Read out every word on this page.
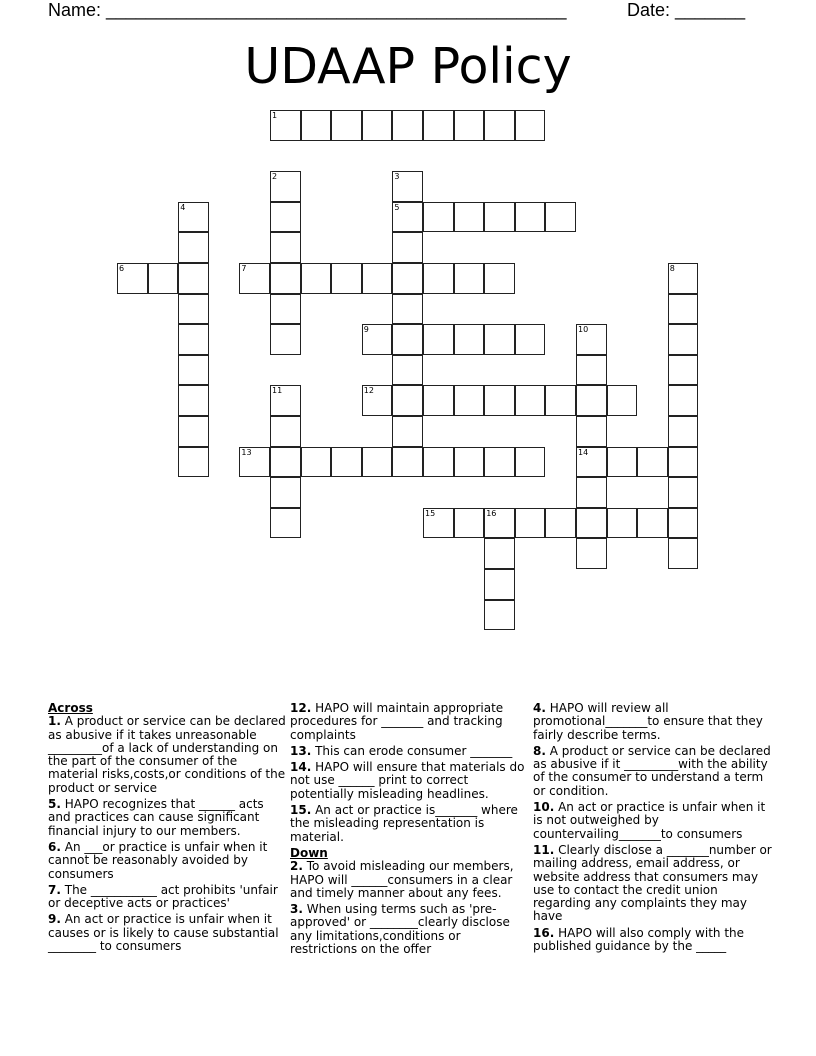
Name: ______________________________________________	Date: _______
UDAAP Policy
1
2	3
5
4
6	7	8
9	10
14
11	12
13
15	16
Across
1. A product or service can be declared as abusive if it takes unreasonable _________of a lack of understanding on the part of the consumer of the material risks,costs,or conditions of the product or service
5. HAPO recognizes that ______ acts and practices can cause significant financial injury to our members.
6. An ___or practice is unfair when it cannot be reasonably avoided by consumers
7. The ___________ act prohibits 'unfair or deceptive acts or practices'
9. An act or practice is unfair when it causes or is likely to cause substantial ________ to consumers
12. HAPO will maintain appropriate procedures for _______ and tracking complaints
13. This can erode consumer _______
14. HAPO will ensure that materials do not use ______ print to correct potentially misleading headlines.
15. An act or practice is_______ where the misleading representation is material.
Down
2. To avoid misleading our members, HAPO will ______consumers in a clear and timely manner about any fees.
3. When using terms such as 'pre-approved' or ________clearly disclose any limitations,conditions or restrictions on the offer
4. HAPO will review all promotional_______to ensure that they fairly describe terms.
8. A product or service can be declared as abusive if it _________with the ability of the consumer to understand a term or condition.
10. An act or practice is unfair when it is not outweighed by countervailing_______to consumers
11. Clearly disclose a _______number or mailing address, email address, or website address that consumers may use to contact the credit union regarding any complaints they may have
16. HAPO will also comply with the published guidance by the _____
